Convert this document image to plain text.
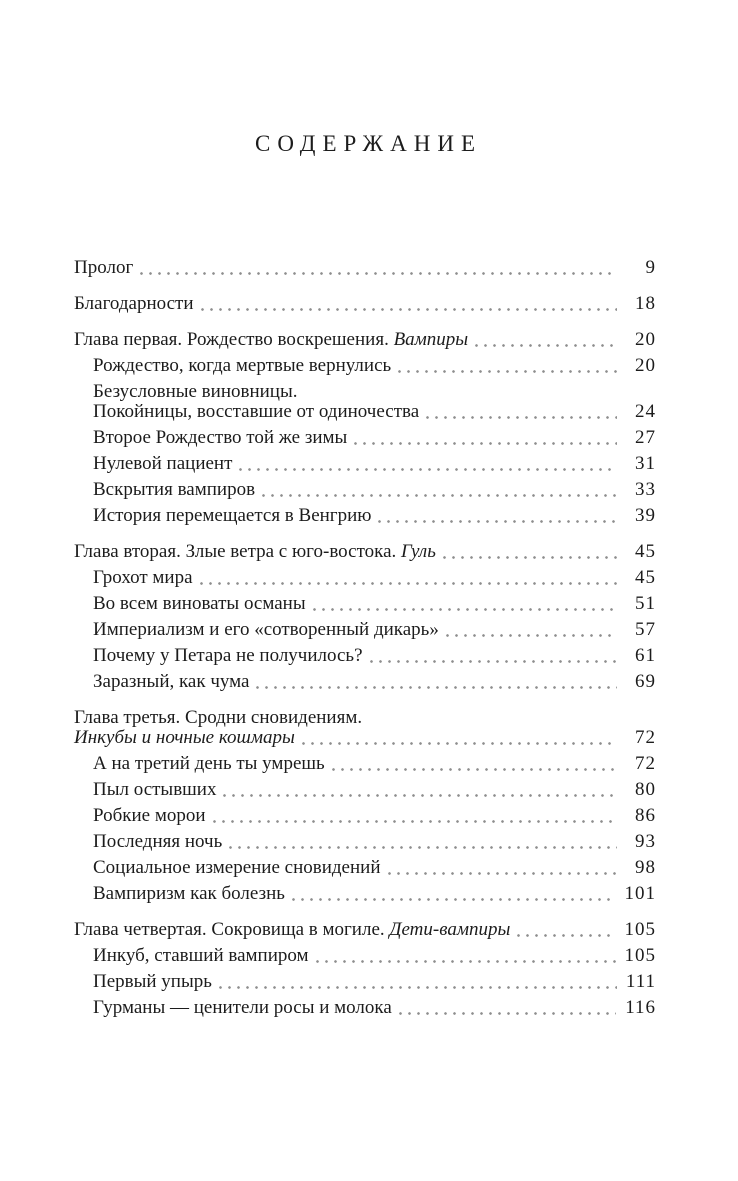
СОДЕРЖАНИЕ
Пролог	9
Благодарности	18
Глава первая. Рождество воскрешения. Вампиры	20
Рождество, когда мертвые вернулись	20
Безусловные виновницы.
Покойницы, восставшие от одиночества	24
Второе Рождество той же зимы	27
Нулевой пациент	31
Вскрытия вампиров	33
История перемещается в Венгрию	39
Глава вторая. Злые ветра с юго-востока. Гуль	45
Грохот мира	45
Во всем виноваты османы	51
Империализм и его «сотворенный дикарь»	57
Почему у Петара не получилось?	61
Заразный, как чума	69
Глава третья. Сродни сновидениям.
Инкубы и ночные кошмары	72
А на третий день ты умрешь	72
Пыл остывших	80
Робкие морои	86
Последняя ночь	93
Социальное измерение сновидений	98
Вампиризм как болезнь	101
Глава четвертая. Сокровища в могиле. Дети-вампиры	105
Инкуб, ставший вампиром	105
Первый упырь	111
Гурманы — ценители росы и молока	116
